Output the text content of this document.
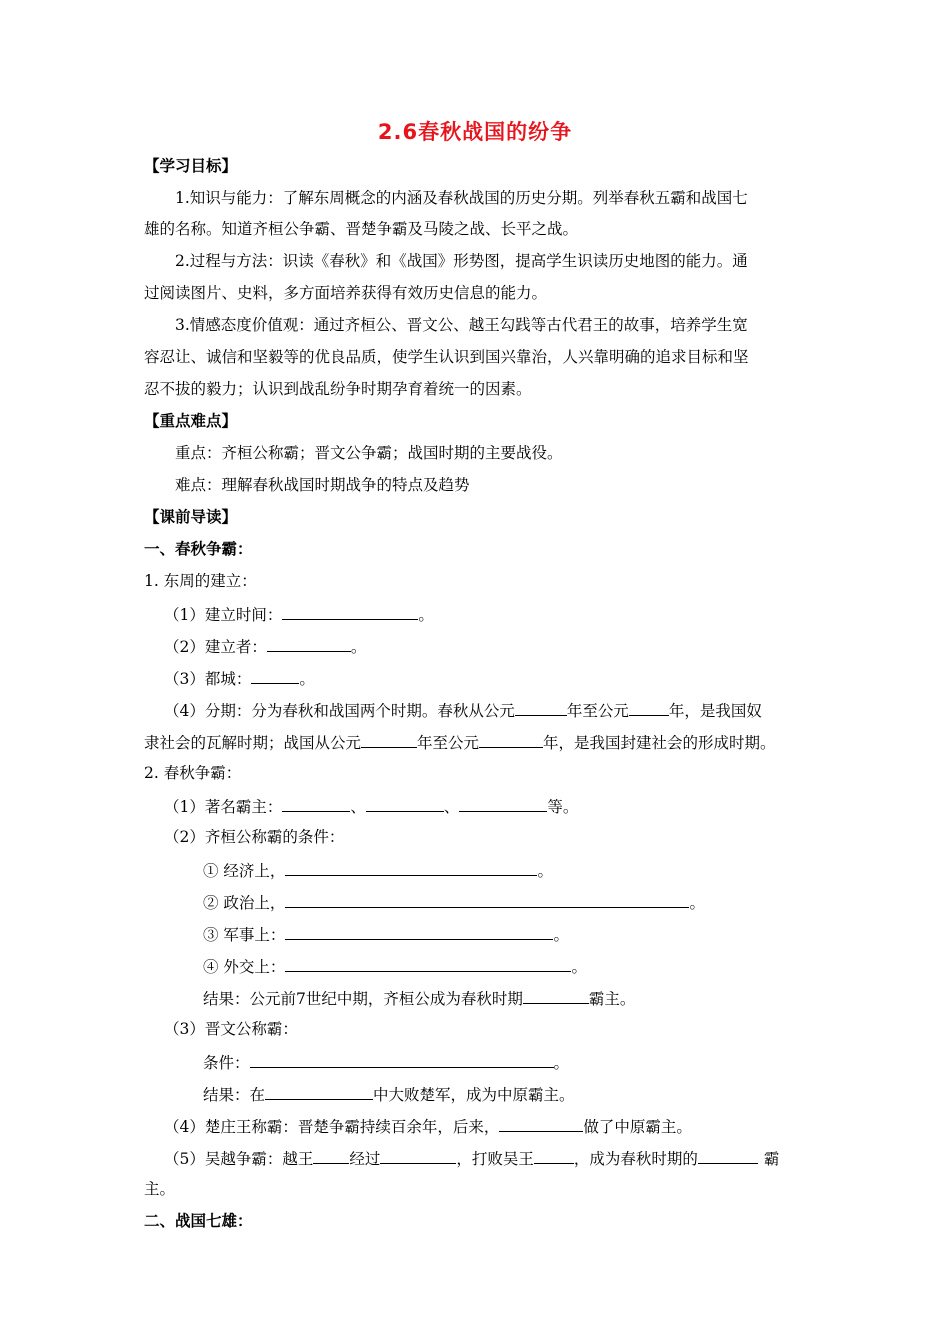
2.6春秋战国的纷争
【学习目标】
1.知识与能力：了解东周概念的内涵及春秋战国的历史分期。列举春秋五霸和战国七
雄的名称。知道齐桓公争霸、晋楚争霸及马陵之战、长平之战。
2.过程与方法：识读《春秋》和《战国》形势图，提高学生识读历史地图的能力。通
过阅读图片、史料，多方面培养获得有效历史信息的能力。
3.情感态度价值观：通过齐桓公、晋文公、越王勾践等古代君王的故事，培养学生宽
容忍让、诚信和坚毅等的优良品质，使学生认识到国兴靠治，人兴靠明确的追求目标和坚
忍不拔的毅力；认识到战乱纷争时期孕育着统一的因素。
【重点难点】
重点：齐桓公称霸；晋文公争霸；战国时期的主要战役。
难点：理解春秋战国时期战争的特点及趋势
【课前导读】
一、春秋争霸：
1. 东周的建立：
（1）建立时间：	。
（2）建立者：	。
（3）都城：	。
（4）分期：分为春秋和战国两个时期。春秋从公元	年至公元	年，是我国奴
隶社会的瓦解时期；战国从公元	年至公元	年，是我国封建社会的形成时期。
2. 春秋争霸：
（1）著名霸主：	、	、	等。
（2）齐桓公称霸的条件：
① 经济上，	。
② 政治上，	。
③ 军事上：	。
④ 外交上：	。
结果：公元前7世纪中期，齐桓公成为春秋时期	霸主。
（3）晋文公称霸：
条件：	。
结果：在	中大败楚军，成为中原霸主。
（4）楚庄王称霸：晋楚争霸持续百余年，后来，	做了中原霸主。
（5）吴越争霸：越王 经过	，打败吴王	，成为春秋时期的	霸
主。
二、战国七雄：
